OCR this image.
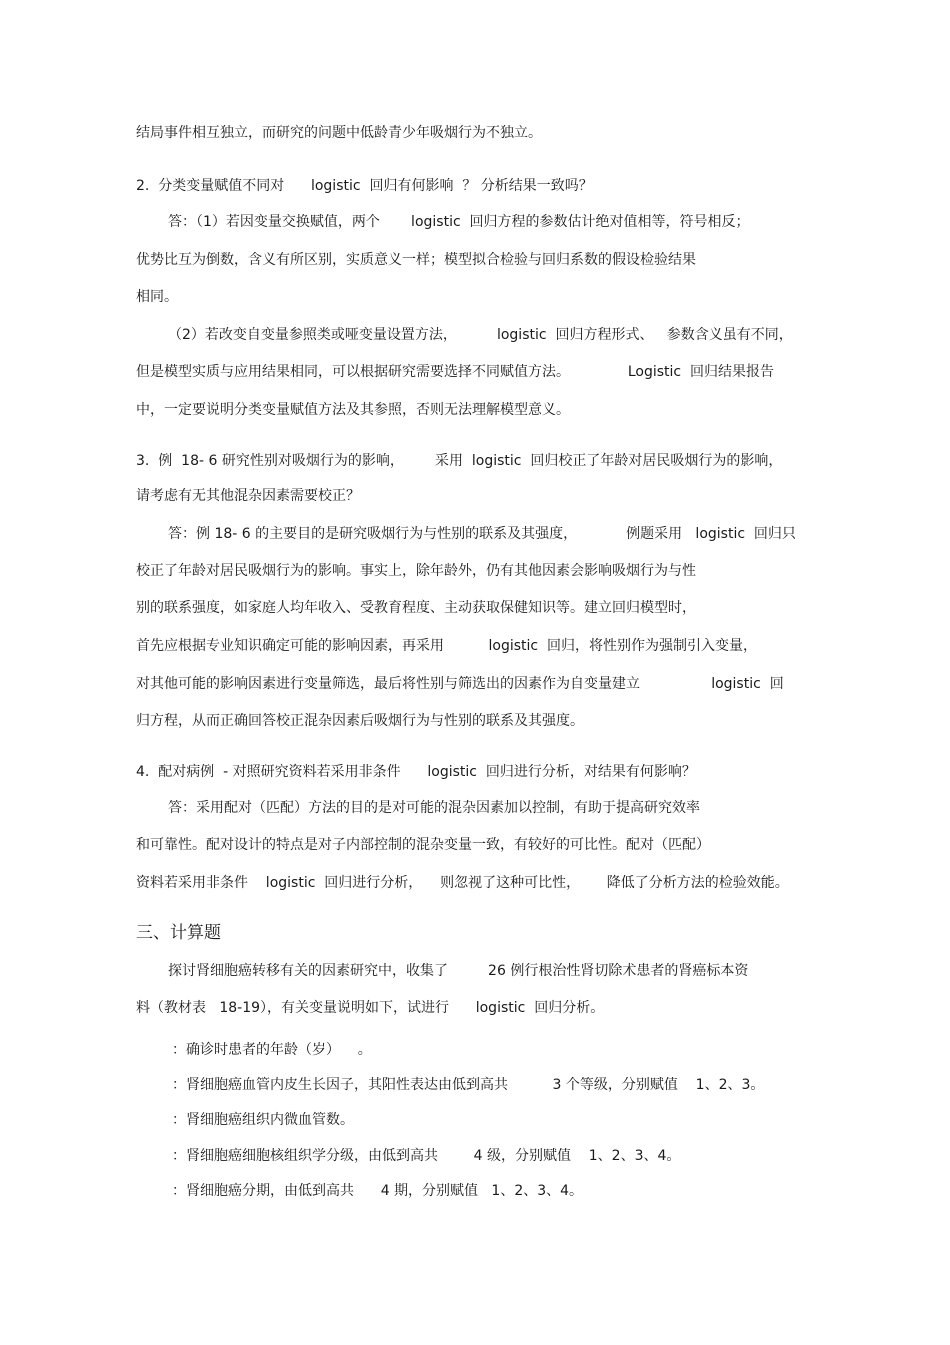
结局事件相互独立，而研究的问题中低龄青少年吸烟行为不独立。
2.  分类变量赋值不同对      logistic  回归有何影响  ？ 分析结果一致吗？
答：（1）若因变量交换赋值，两个       logistic  回归方程的参数估计绝对值相等，符号相反；
优势比互为倒数，含义有所区别，实质意义一样；模型拟合检验与回归系数的假设检验结果
相同。
（2）若改变自变量参照类或哑变量设置方法，         logistic  回归方程形式、   参数含义虽有不同，
但是模型实质与应用结果相同，可以根据研究需要选择不同赋值方法。             Logistic  回归结果报告
中，一定要说明分类变量赋值方法及其参照，否则无法理解模型意义。
3.  例  18- 6 研究性别对吸烟行为的影响，       采用  logistic  回归校正了年龄对居民吸烟行为的影响，
请考虑有无其他混杂因素需要校正？
答：例 18- 6 的主要目的是研究吸烟行为与性别的联系及其强度，           例题采用   logistic  回归只
校正了年龄对居民吸烟行为的影响。事实上，除年龄外，仍有其他因素会影响吸烟行为与性
别的联系强度，如家庭人均年收入、受教育程度、主动获取保健知识等。建立回归模型时，
首先应根据专业知识确定可能的影响因素，再采用          logistic  回归，将性别作为强制引入变量，
对其他可能的影响因素进行变量筛选，最后将性别与筛选出的因素作为自变量建立                logistic  回
归方程，从而正确回答校正混杂因素后吸烟行为与性别的联系及其强度。
4.  配对病例  - 对照研究资料若采用非条件      logistic  回归进行分析，对结果有何影响？
答：采用配对（匹配）方法的目的是对可能的混杂因素加以控制，有助于提高研究效率
和可靠性。配对设计的特点是对子内部控制的混杂变量一致，有较好的可比性。配对（匹配）
资料若采用非条件    logistic  回归进行分析，    则忽视了这种可比性，      降低了分析方法的检验效能。
三、计算题
探讨肾细胞癌转移有关的因素研究中，收集了         26 例行根治性肾切除术患者的肾癌标本资
料（教材表   18-19），有关变量说明如下，试进行      logistic  回归分析。
：确诊时患者的年龄（岁）    。
：肾细胞癌血管内皮生长因子，其阳性表达由低到高共          3 个等级，分别赋值    1、2、3。
：肾细胞癌组织内微血管数。
：肾细胞癌细胞核组织学分级，由低到高共        4 级，分别赋值    1、2、3、4。
：肾细胞癌分期，由低到高共      4 期，分别赋值   1、2、3、4。
